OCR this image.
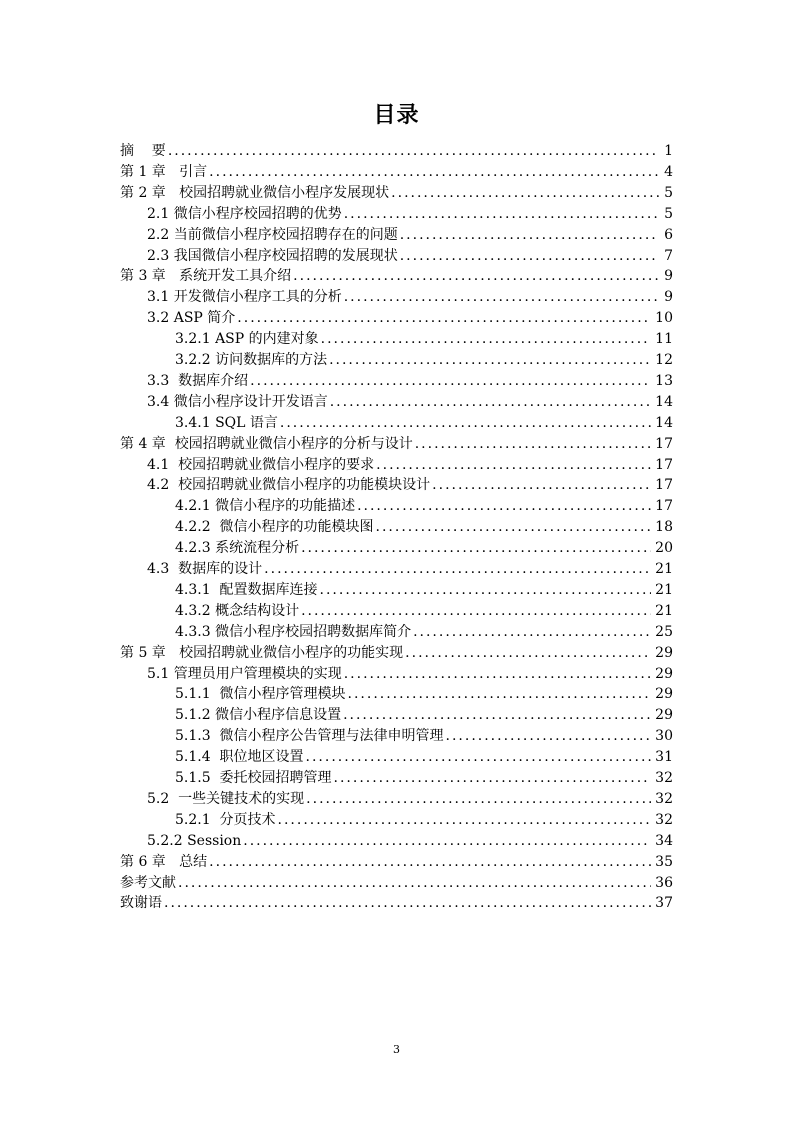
目录
摘    要 .....	1
第 1 章   引言 .....	4
第 2 章   校园招聘就业微信小程序发展现状 .....	5
2.1 微信小程序校园招聘的优势 .....	5
2.2 当前微信小程序校园招聘存在的问题 .....	6
2.3 我国微信小程序校园招聘的发展现状 .....	7
第 3 章   系统开发工具介绍 .....	9
3.1 开发微信小程序工具的分析 .....	9
3.2 ASP 简介 .....	10
3.2.1 ASP 的内建对象 .....	11
3.2.2 访问数据库的方法 .....	12
3.3  数据库介绍 .....	13
3.4 微信小程序设计开发语言 .....	14
3.4.1 SQL 语言 .....	14
第 4 章  校园招聘就业微信小程序的分析与设计 .....	17
4.1  校园招聘就业微信小程序的要求 .....	17
4.2  校园招聘就业微信小程序的功能模块设计 .....	17
4.2.1 微信小程序的功能描述 .....	17
4.2.2  微信小程序的功能模块图 .....	18
4.2.3 系统流程分析 .....	20
4.3  数据库的设计 .....	21
4.3.1  配置数据库连接 .....	21
4.3.2 概念结构设计 .....	21
4.3.3 微信小程序校园招聘数据库简介 .....	25
第 5 章   校园招聘就业微信小程序的功能实现 .....	29
5.1 管理员用户管理模块的实现 .....	29
5.1.1  微信小程序管理模块 .....	29
5.1.2 微信小程序信息设置 .....	29
5.1.3  微信小程序公告管理与法律申明管理 .....	30
5.1.4  职位地区设置 .....	31
5.1.5  委托校园招聘管理 .....	32
5.2  一些关键技术的实现 .....	32
5.2.1  分页技术 .....	32
5.2.2 Session .....	34
第 6 章   总结 .....	35
参考文献 .....	36
致谢语 .....	37
3
